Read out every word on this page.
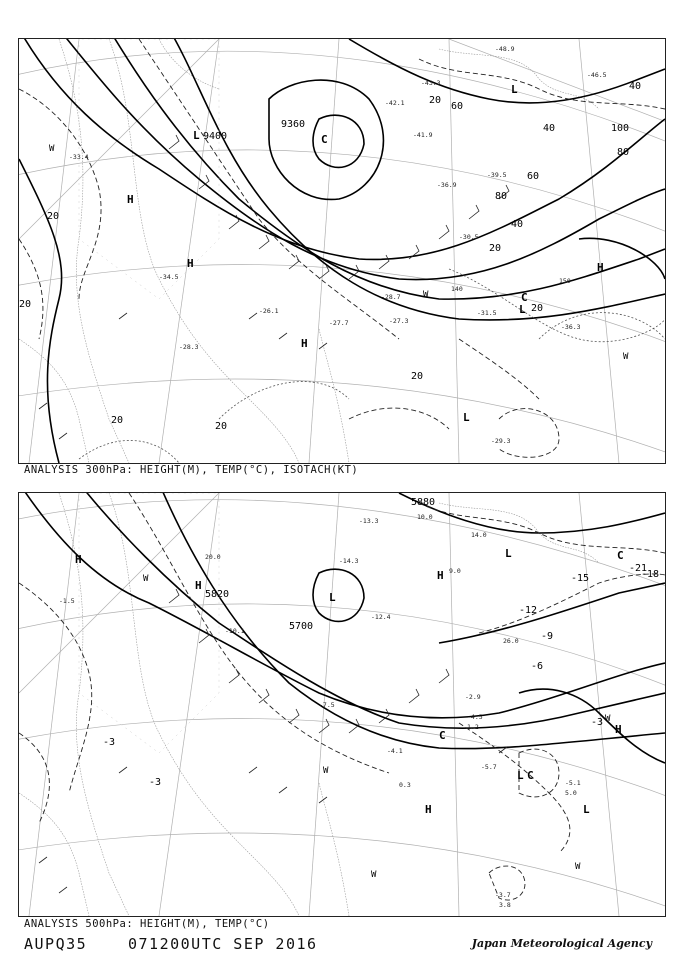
9360
9400
20
20
20
20
20
20
20
20
40
40
40
60
60
80
80
100
-33.4
-27.7
-28.7
-27.3
-29.3
-31.5
-36.3
-34.5
-28.3
-26.1
-42.1
-41.9
-43.3
-48.9
-46.5
-36.9
-39.5
-30.5
140
150
H
H
H
H
L
L
L
L
C
C
W
W
W
ANALYSIS 300hPa: HEIGHT(M), TEMP(°C), ISOTACH(KT)
5700
5820
5880
-12
-9
-6
-3
-3
-3
-21
-18
-15
-13.3
-14.3
-12.4
-10.1
-7.5
-4.5
-4.1
-5.7
-5.1
-3.7
-2.9
-1.5
0.3
1.2
3.8
5.0
9.0
10.0
14.0
20.0
26.0
H
H
H
H
H
L
L
L
L
C
C
C
W
W
W
W
W
ANALYSIS 500hPa: HEIGHT(M), TEMP(°C)
AUPQ35	071200UTC SEP 2016	Japan Meteorological Agency
